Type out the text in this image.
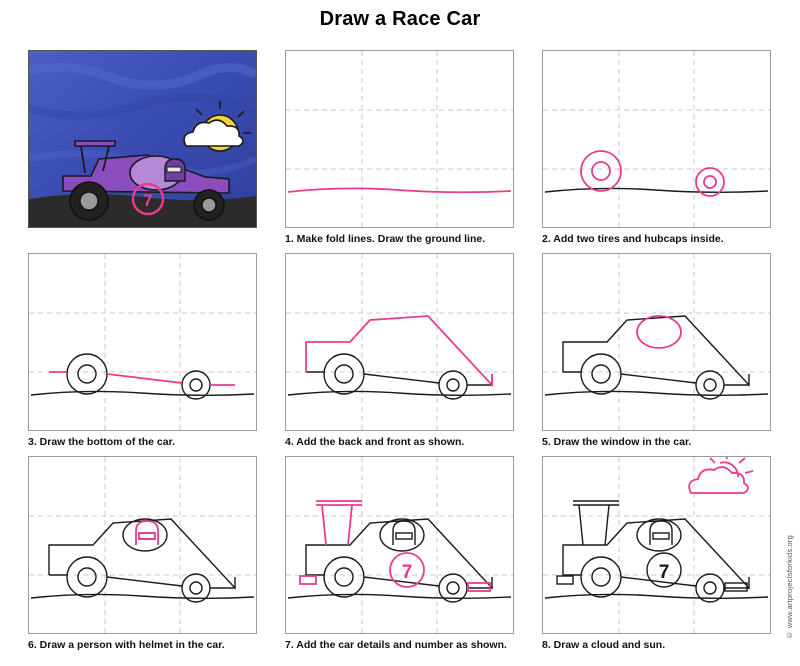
Draw a Race Car
© www.artprojectsforkids.org
7
1. Make fold lines. Draw the ground line.	2. Add two tires and hubcaps inside.
3. Draw the bottom of the car.	4. Add the back and front as shown.	5. Draw the window in the car.
6. Draw a person with helmet in the car.
7
7. Add the car details and number as shown.
7
8. Draw a cloud and sun.
